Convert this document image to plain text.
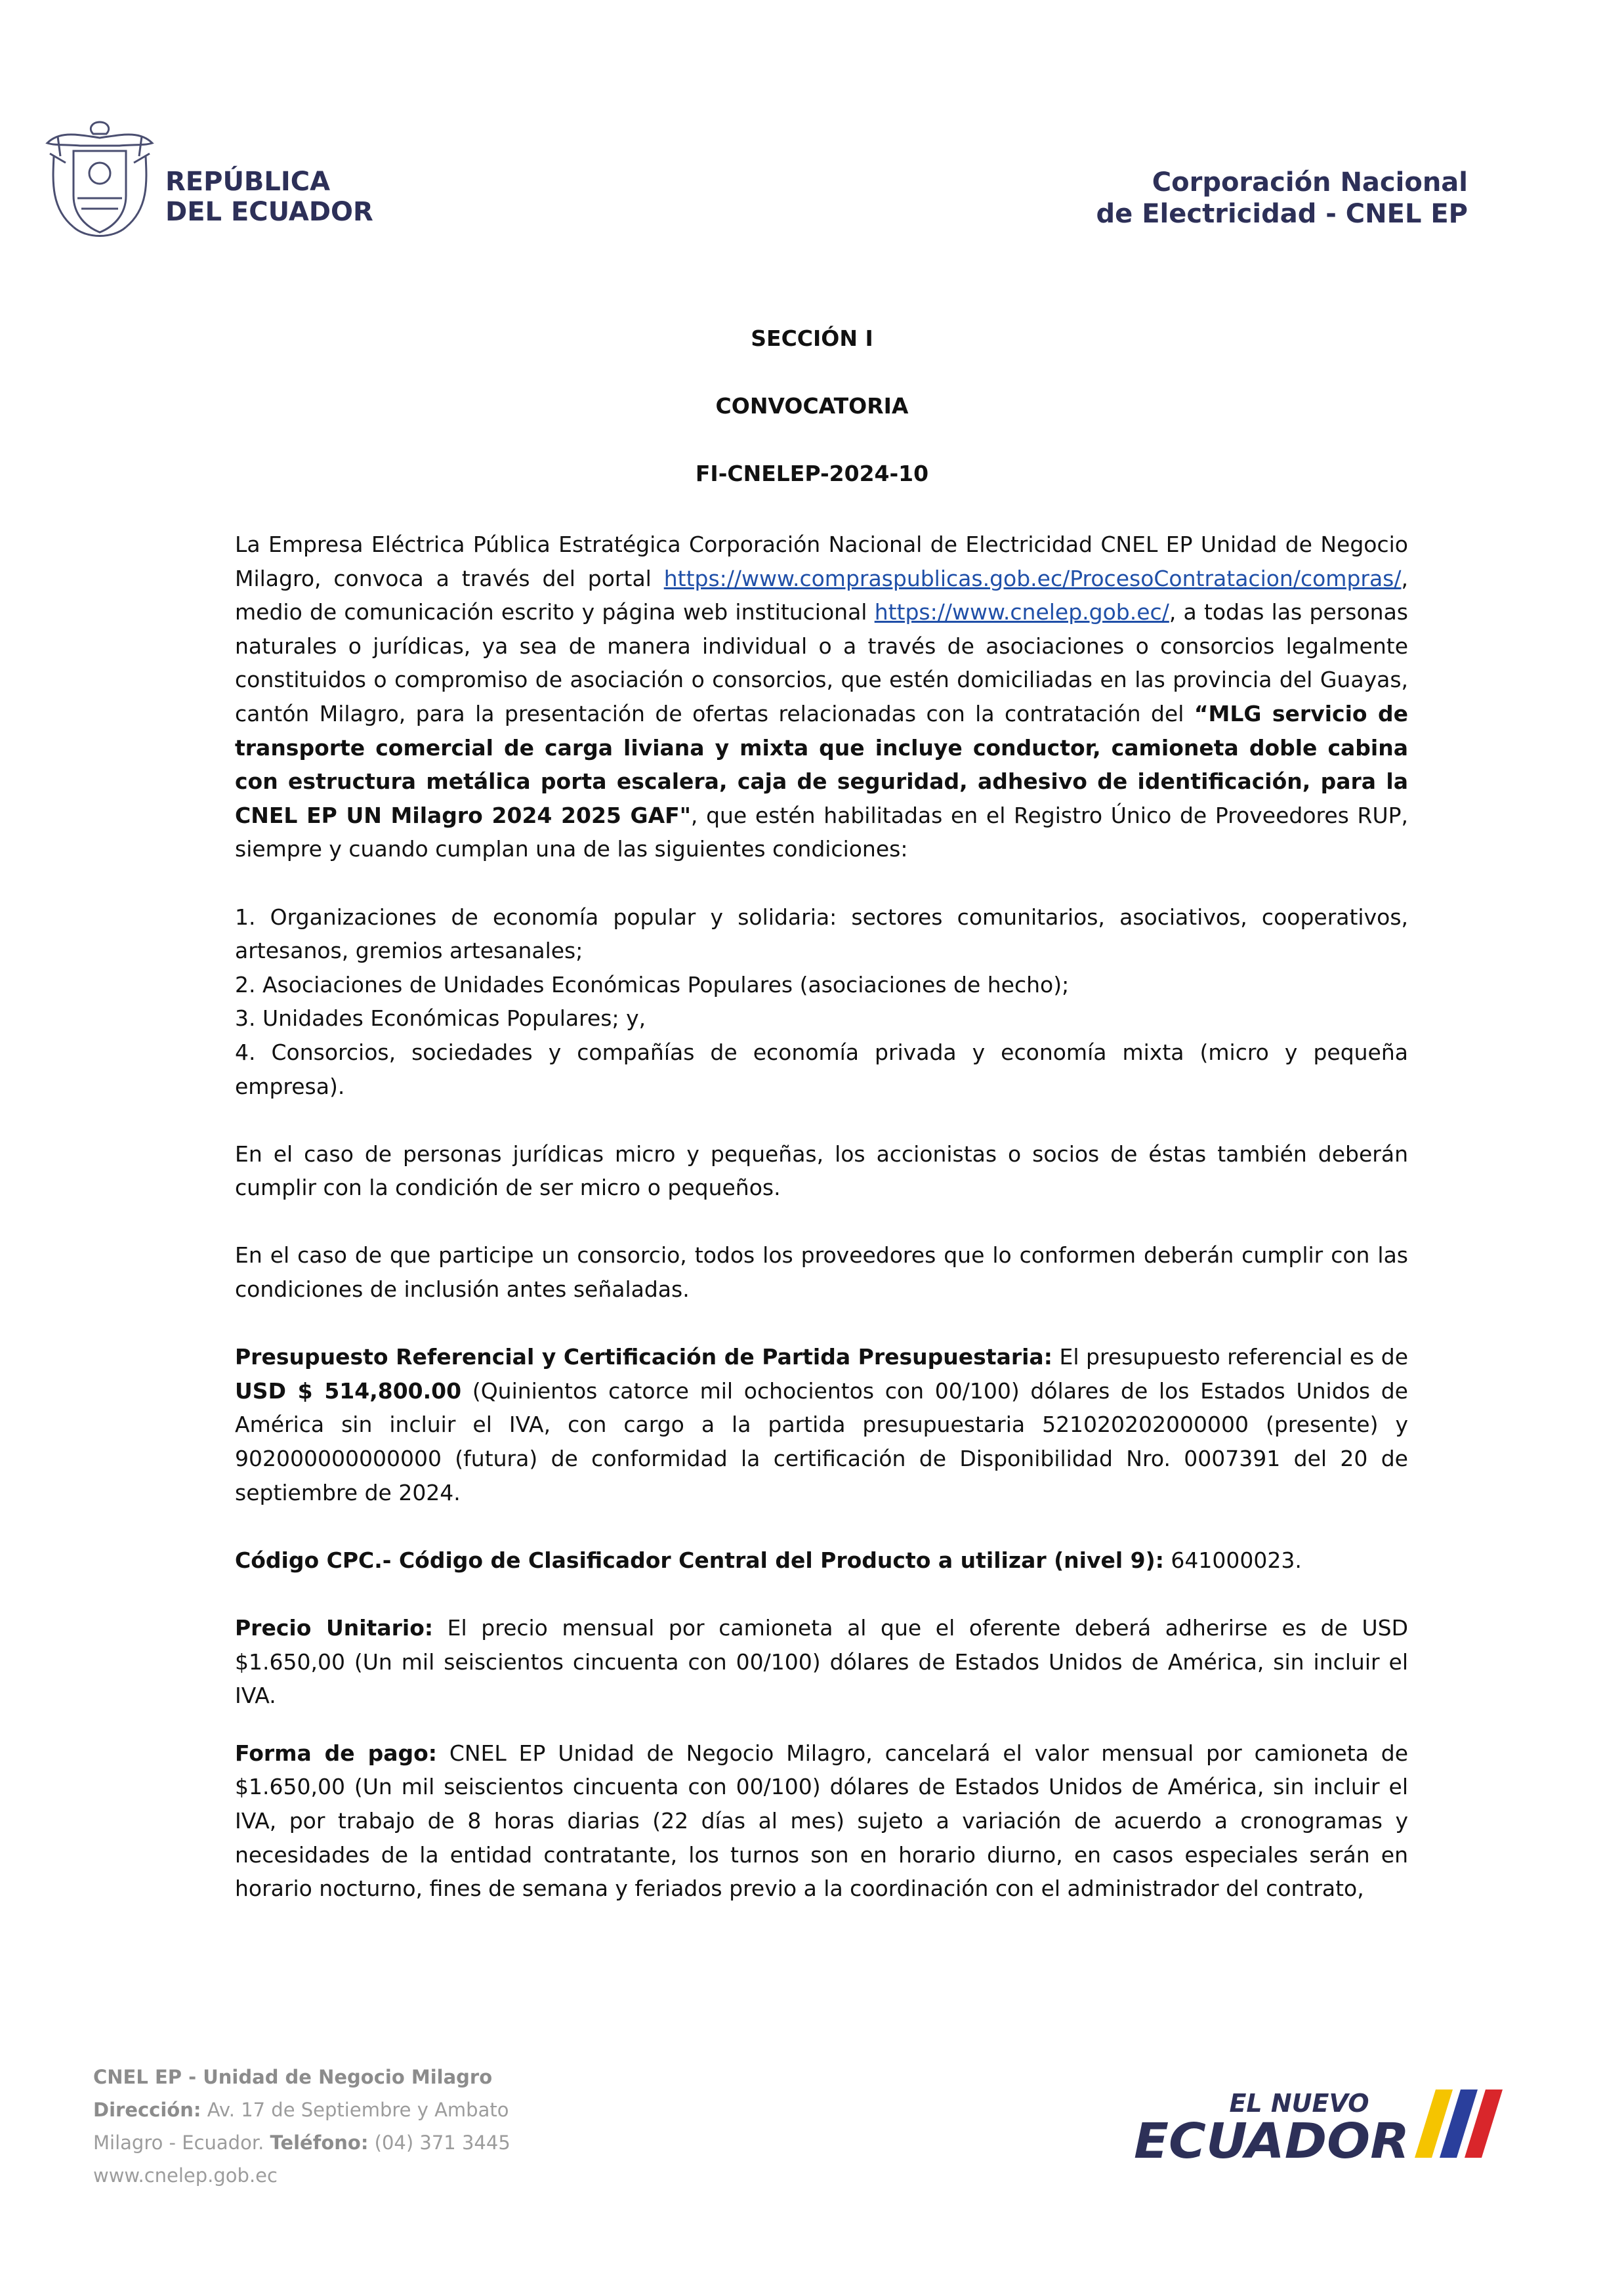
REPÚBLICA
DEL ECUADOR
Corporación Nacional
de Electricidad - CNEL EP
SECCIÓN I
CONVOCATORIA
FI-CNELEP-2024-10

La Empresa Eléctrica Pública Estratégica Corporación Nacional de Electricidad CNEL EP Unidad de Negocio Milagro, convoca a través del portal https://www.compraspublicas.gob.ec/ProcesoContratacion/compras/, medio de comunicación escrito y página web institucional https://www.cnelep.gob.ec/, a todas las personas naturales o jurídicas, ya sea de manera individual o a través de asociaciones o consorcios legalmente constituidos o compromiso de asociación o consorcios, que estén domiciliadas en las provincia del Guayas, cantón Milagro, para la presentación de ofertas relacionadas con la contratación del “MLG servicio de transporte comercial de carga liviana y mixta que incluye conductor, camioneta doble cabina con estructura metálica porta escalera, caja de seguridad, adhesivo de identificación, para la CNEL EP UN Milagro 2024 2025 GAF", que estén habilitadas en el Registro Único de Proveedores RUP, siempre y cuando cumplan una de las siguientes condiciones:

1. Organizaciones de economía popular y solidaria: sectores comunitarios, asociativos, cooperativos, artesanos, gremios artesanales;

2. Asociaciones de Unidades Económicas Populares (asociaciones de hecho);

3. Unidades Económicas Populares; y,

4. Consorcios, sociedades y compañías de economía privada y economía mixta (micro y pequeña empresa).

En el caso de personas jurídicas micro y pequeñas, los accionistas o socios de éstas también deberán cumplir con la condición de ser micro o pequeños.

En el caso de que participe un consorcio, todos los proveedores que lo conformen deberán cumplir con las condiciones de inclusión antes señaladas.

Presupuesto Referencial y Certificación de Partida Presupuestaria: El presupuesto referencial es de USD $ 514,800.00 (Quinientos catorce mil ochocientos con 00/100) dólares de los Estados Unidos de América sin incluir el IVA, con cargo a la partida presupuestaria 521020202000000 (presente) y 902000000000000 (futura) de conformidad la certificación de Disponibilidad Nro. 0007391 del 20 de septiembre de 2024.

Código CPC.- Código de Clasificador Central del Producto a utilizar (nivel 9): 641000023.

Precio Unitario: El precio mensual por camioneta al que el oferente deberá adherirse es de USD $1.650,00 (Un mil seiscientos cincuenta con 00/100) dólares de Estados Unidos de América, sin incluir el IVA.

Forma de pago: CNEL EP Unidad de Negocio Milagro, cancelará el valor mensual por camioneta de $1.650,00 (Un mil seiscientos cincuenta con 00/100) dólares de Estados Unidos de América, sin incluir el IVA, por trabajo de 8 horas diarias (22 días al mes) sujeto a variación de acuerdo a cronogramas y necesidades de la entidad contratante, los turnos son en horario diurno, en casos especiales serán en horario nocturno, fines de semana y feriados previo a la coordinación con el administrador del contrato,

CNEL EP - Unidad de Negocio Milagro
Dirección: Av. 17 de Septiembre y Ambato
Milagro - Ecuador. Teléfono: (04) 371 3445
www.cnelep.gob.ec
EL NUEVO
ECUADOR
